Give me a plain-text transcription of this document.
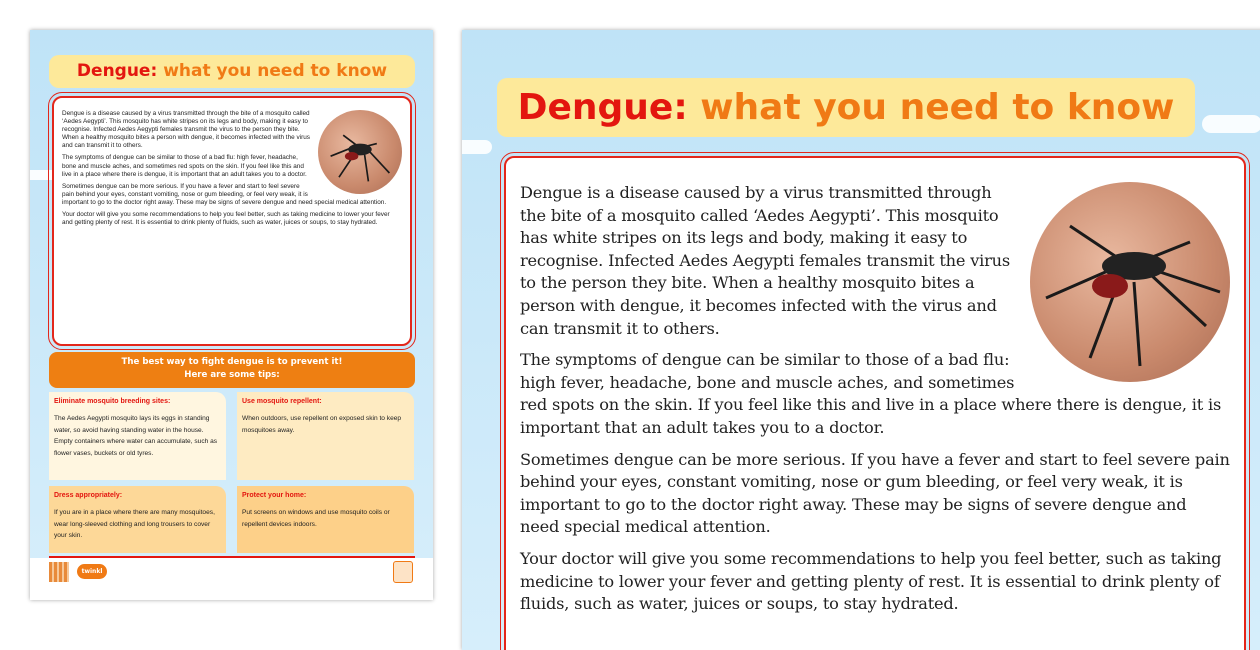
Dengue: what you need to know

Dengue is a disease caused by a virus transmitted through the bite of a mosquito called ‘Aedes Aegypti’. This mosquito has white stripes on its legs and body, making it easy to recognise. Infected Aedes Aegypti females transmit the virus to the person they bite. When a healthy mosquito bites a person with dengue, it becomes infected with the virus and can transmit it to others.

The symptoms of dengue can be similar to those of a bad flu: high fever, headache, bone and muscle aches, and sometimes red spots on the skin. If you feel like this and live in a place where there is dengue, it is important that an adult takes you to a doctor.

Sometimes dengue can be more serious. If you have a fever and start to feel severe pain behind your eyes, constant vomiting, nose or gum bleeding, or feel very weak, it is important to go to the doctor right away. These may be signs of severe dengue and need special medical attention.

Your doctor will give you some recommendations to help you feel better, such as taking medicine to lower your fever and getting plenty of rest. It is essential to drink plenty of fluids, such as water, juices or soups, to stay hydrated.

The best way to fight dengue is to prevent it!
Here are some tips:
Eliminate mosquito breeding sites:

The Aedes Aegypti mosquito lays its eggs in standing water, so avoid having standing water in the house. Empty containers where water can accumulate, such as flower vases, buckets or old tyres.

Use mosquito repellent:

When outdoors, use repellent on exposed skin to keep mosquitoes away.

Dress appropriately:

If you are in a place where there are many mosquitoes, wear long-sleeved clothing and long trousers to cover your skin.

Protect your home:

Put screens on windows and use mosquito coils or repellent devices indoors.

twinkl
Dengue: what you need to know

Dengue is a disease caused by a virus transmitted through the bite of a mosquito called ‘Aedes Aegypti’. This mosquito has white stripes on its legs and body, making it easy to recognise. Infected Aedes Aegypti females transmit the virus to the person they bite. When a healthy mosquito bites a person with dengue, it becomes infected with the virus and can transmit it to others.

The symptoms of dengue can be similar to those of a bad flu: high fever, headache, bone and muscle aches, and sometimes red spots on the skin. If you feel like this and live in a place where there is dengue, it is important that an adult takes you to a doctor.

Sometimes dengue can be more serious. If you have a fever and start to feel severe pain behind your eyes, constant vomiting, nose or gum bleeding, or feel very weak, it is important to go to the doctor right away. These may be signs of severe dengue and need special medical attention.

Your doctor will give you some recommendations to help you feel better, such as taking medicine to lower your fever and getting plenty of rest. It is essential to drink plenty of fluids, such as water, juices or soups, to stay hydrated.
